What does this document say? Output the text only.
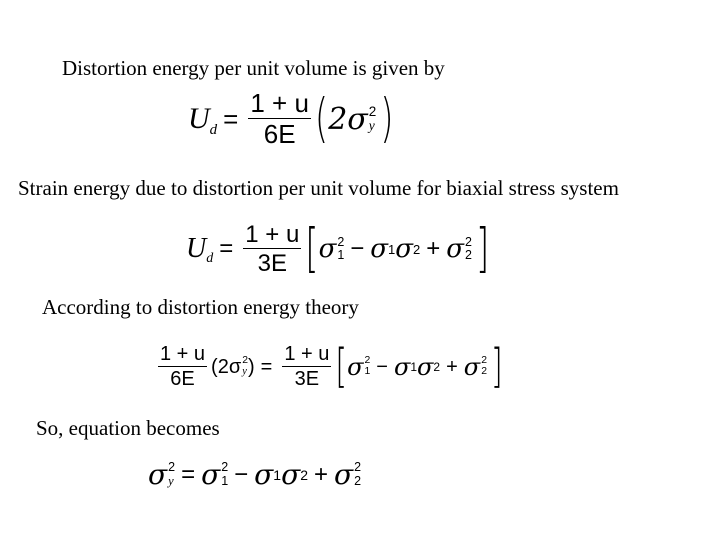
Distortion energy per unit volume is given by
U $d = \frac{1 + u}{6E}$ ( 2σ 2
y )
Strain energy due to distortion per unit volume for biaxial stress system
U $d = \frac{1 + u}{3E}$ [ σ 2
1 − σ 1 σ 2 + σ 2
2 ]
According to distortion energy theory
$\frac{1 + u}{6E} (2\sigma$ 2
y ) = $\frac{1 + u}{3E}$ [ σ 2
1 − σ 1 σ 2 + σ 2
2 ]
So, equation becomes
σ 2
y = σ 2
1 − σ 1 σ 2 + σ 2
2
